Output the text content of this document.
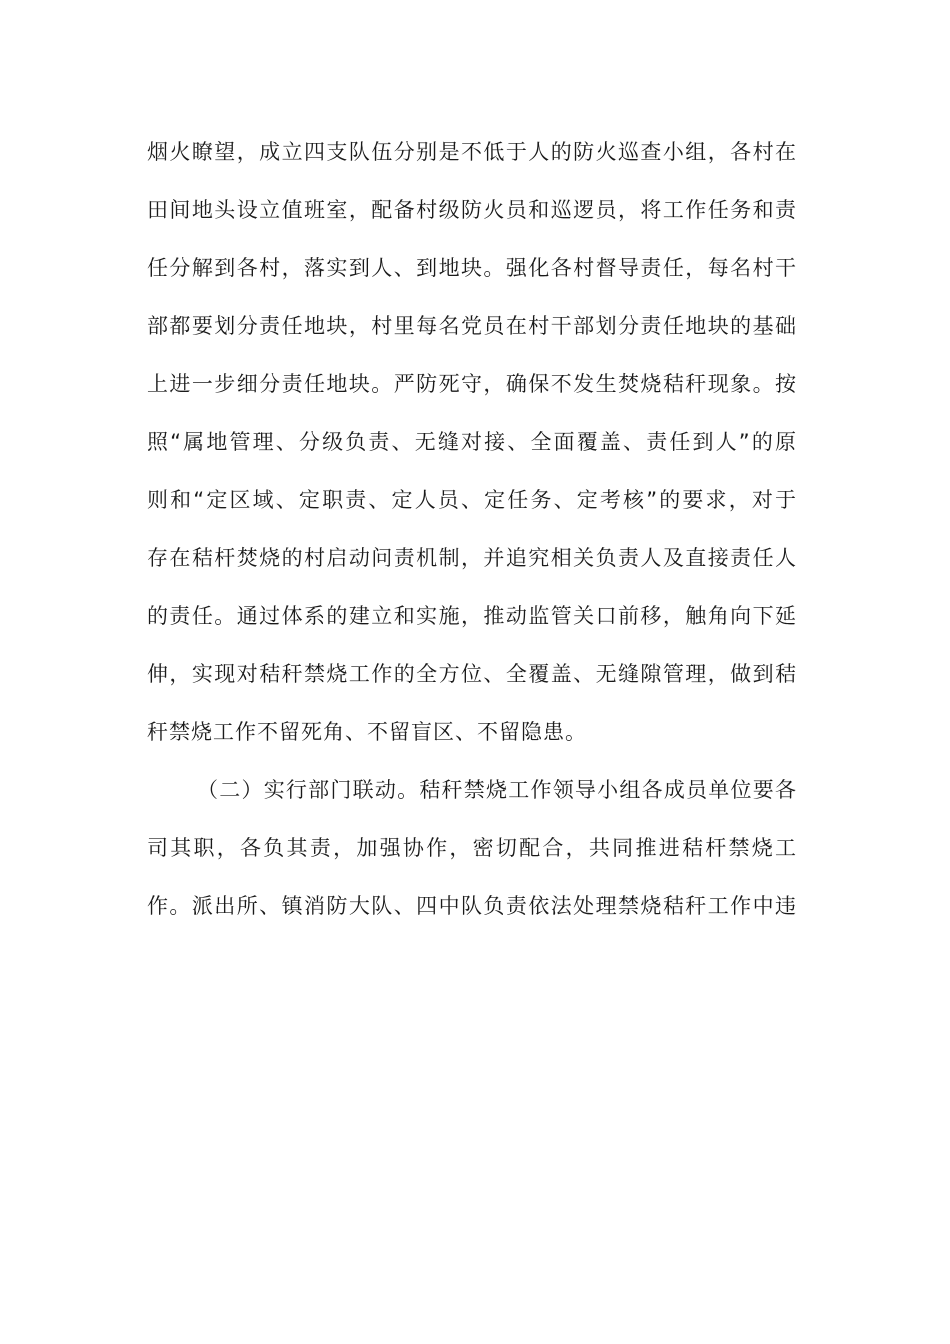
烟火瞭望，成立四支队伍分别是不低于人的防火巡查小组，各村在
田间地头设立值班室，配备村级防火员和巡逻员，将工作任务和责
任分解到各村，落实到人、到地块。强化各村督导责任，每名村干
部都要划分责任地块，村里每名党员在村干部划分责任地块的基础
上进一步细分责任地块。严防死守，确保不发生焚烧秸秆现象。按
照“属地管理、分级负责、无缝对接、全面覆盖、责任到人”的原
则和“定区域、定职责、定人员、定任务、定考核”的要求，对于
存在秸杆焚烧的村启动问责机制，并追究相关负责人及直接责任人
的责任。通过体系的建立和实施，推动监管关口前移，触角向下延
伸，实现对秸秆禁烧工作的全方位、全覆盖、无缝隙管理，做到秸
秆禁烧工作不留死角、不留盲区、不留隐患。
（二）实行部门联动。秸秆禁烧工作领导小组各成员单位要各
司其职，各负其责，加强协作，密切配合，共同推进秸杆禁烧工
作。派出所、镇消防大队、四中队负责依法处理禁烧秸秆工作中违
